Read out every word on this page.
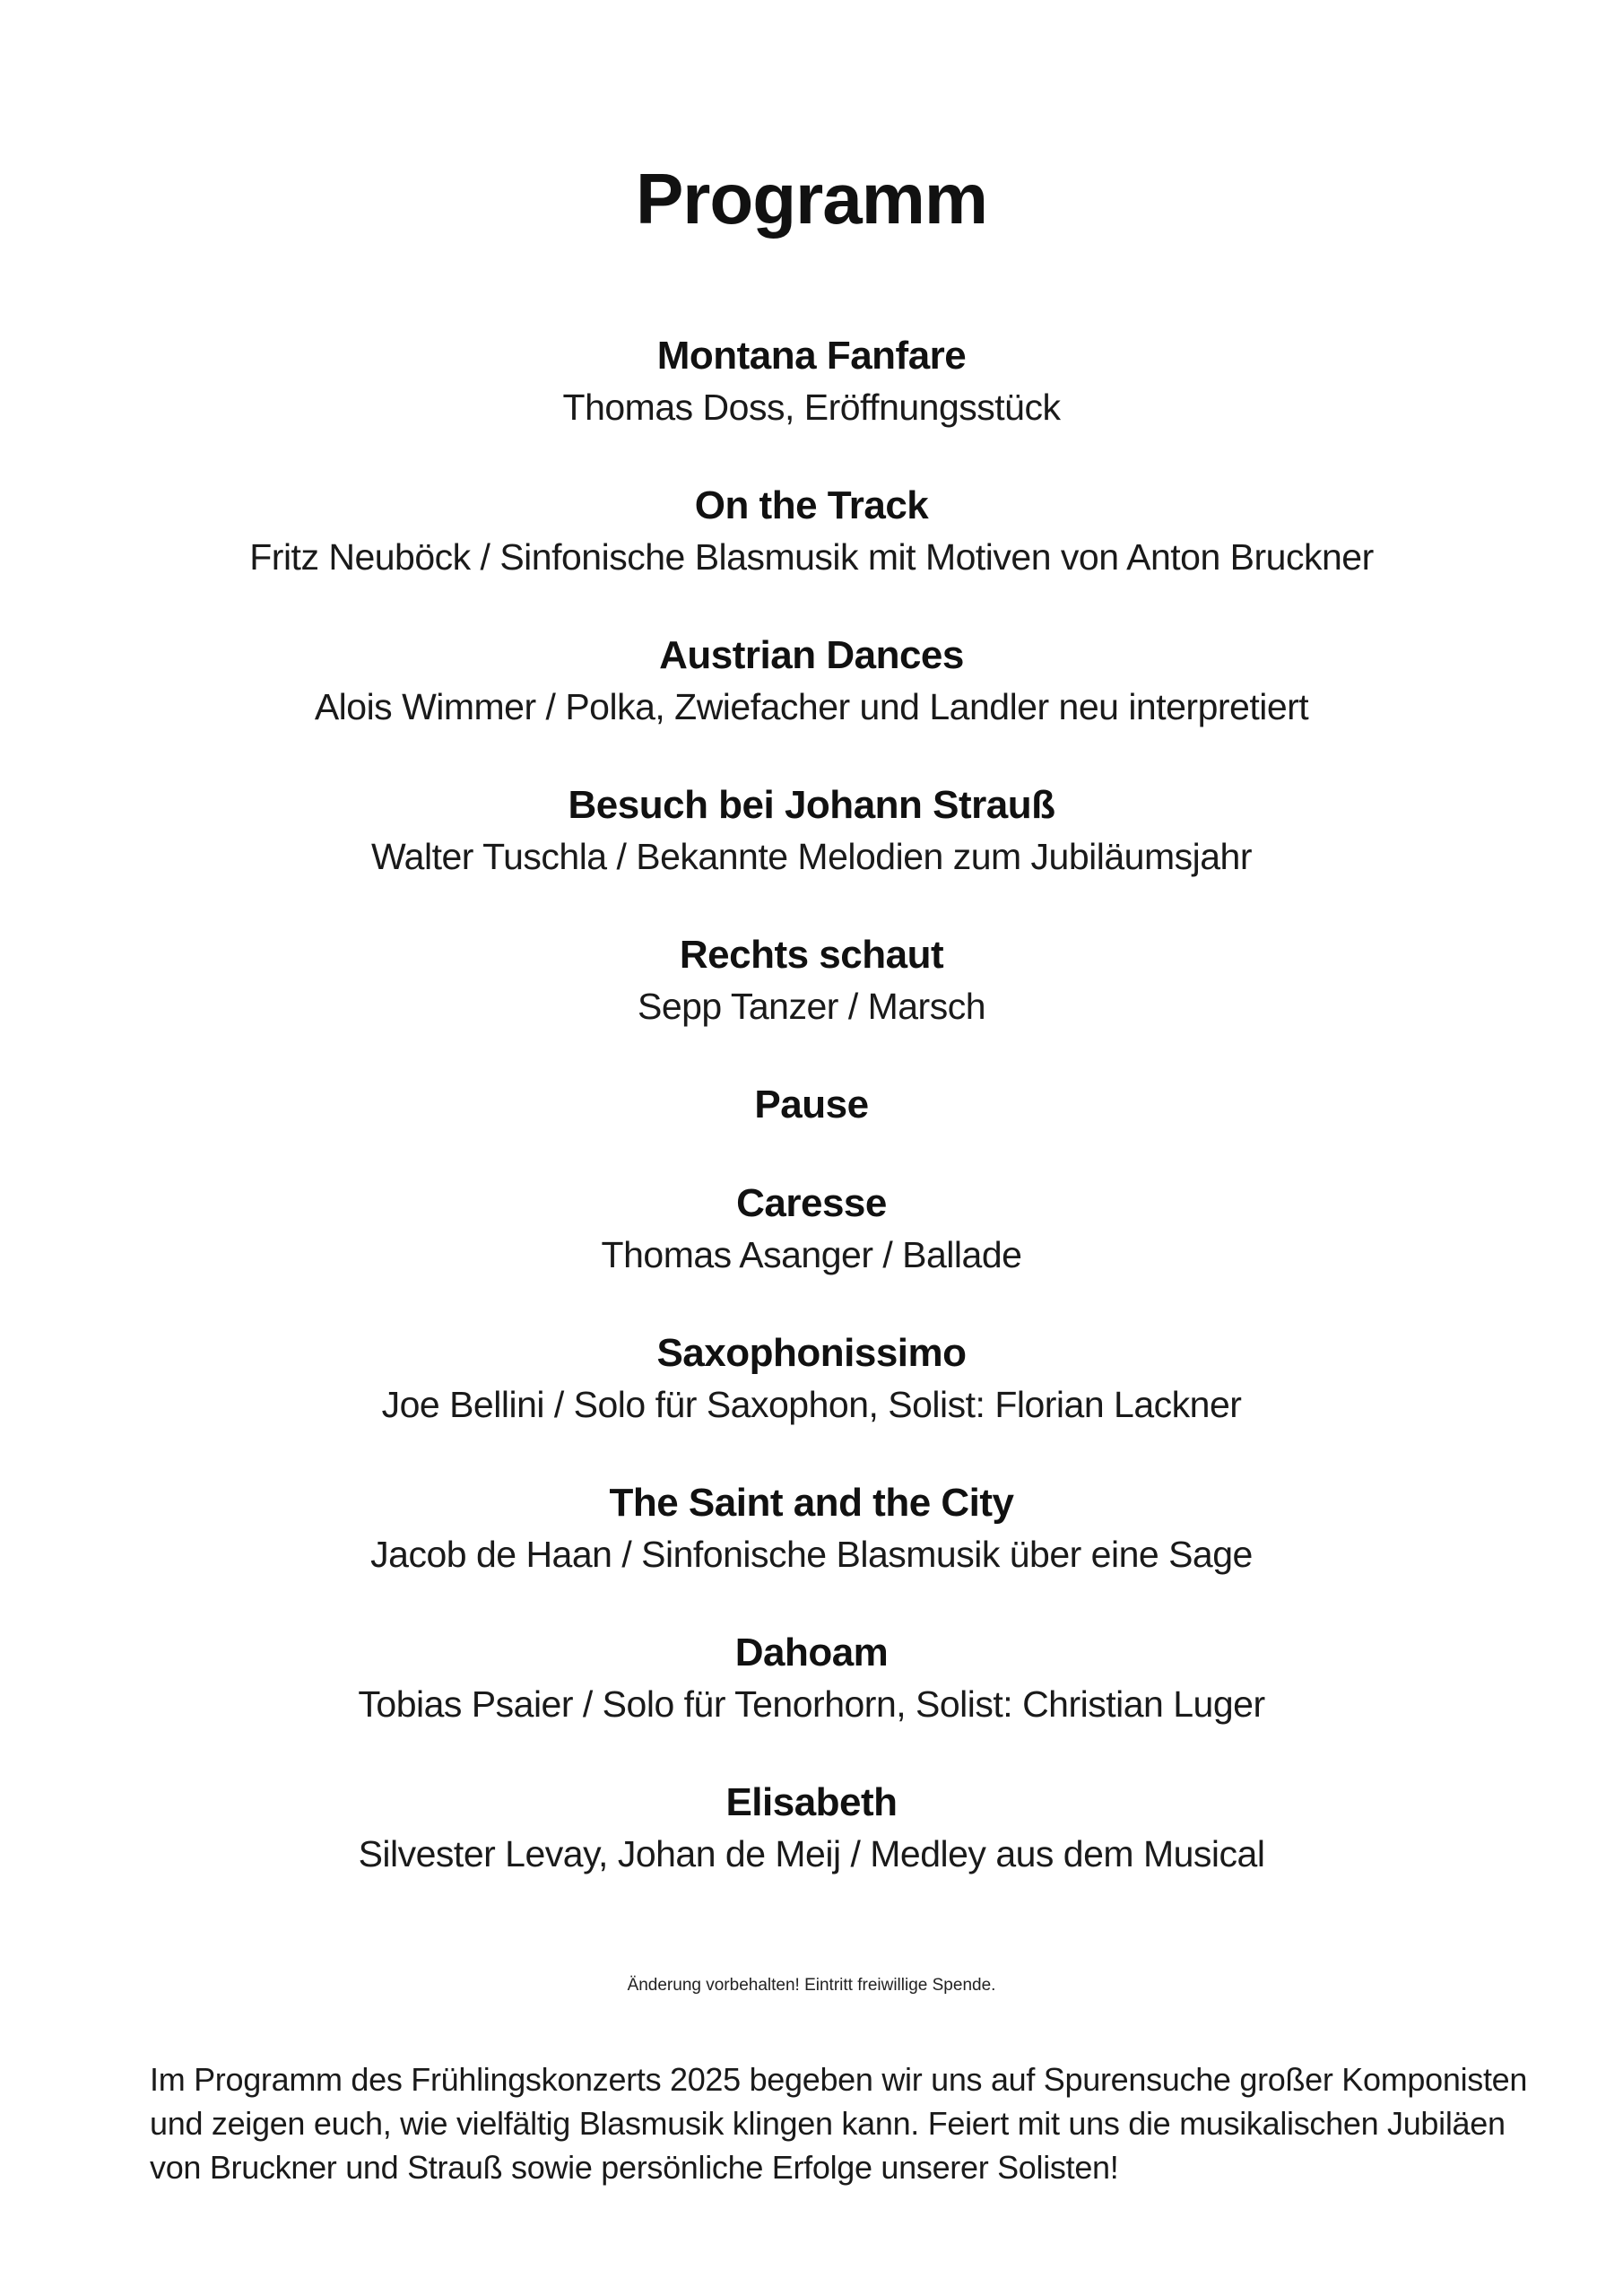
Programm
Montana Fanfare
Thomas Doss, Eröffnungsstück
On the Track
Fritz Neuböck / Sinfonische Blasmusik mit Motiven von Anton Bruckner
Austrian Dances
Alois Wimmer / Polka, Zwiefacher und Landler neu interpretiert
Besuch bei Johann Strauß
Walter Tuschla / Bekannte Melodien zum Jubiläumsjahr
Rechts schaut
Sepp Tanzer / Marsch
Pause
Caresse
Thomas Asanger / Ballade
Saxophonissimo
Joe Bellini / Solo für Saxophon, Solist: Florian Lackner
The Saint and the City
Jacob de Haan / Sinfonische Blasmusik über eine Sage
Dahoam
Tobias Psaier / Solo für Tenorhorn, Solist: Christian Luger
Elisabeth
Silvester Levay, Johan de Meij / Medley aus dem Musical
Änderung vorbehalten! Eintritt freiwillige Spende.
Im Programm des Frühlingskonzerts 2025 begeben wir uns auf Spurensuche großer Komponisten
und zeigen euch, wie vielfältig Blasmusik klingen kann. Feiert mit uns die musikalischen Jubiläen
von Bruckner und Strauß sowie persönliche Erfolge unserer Solisten!
